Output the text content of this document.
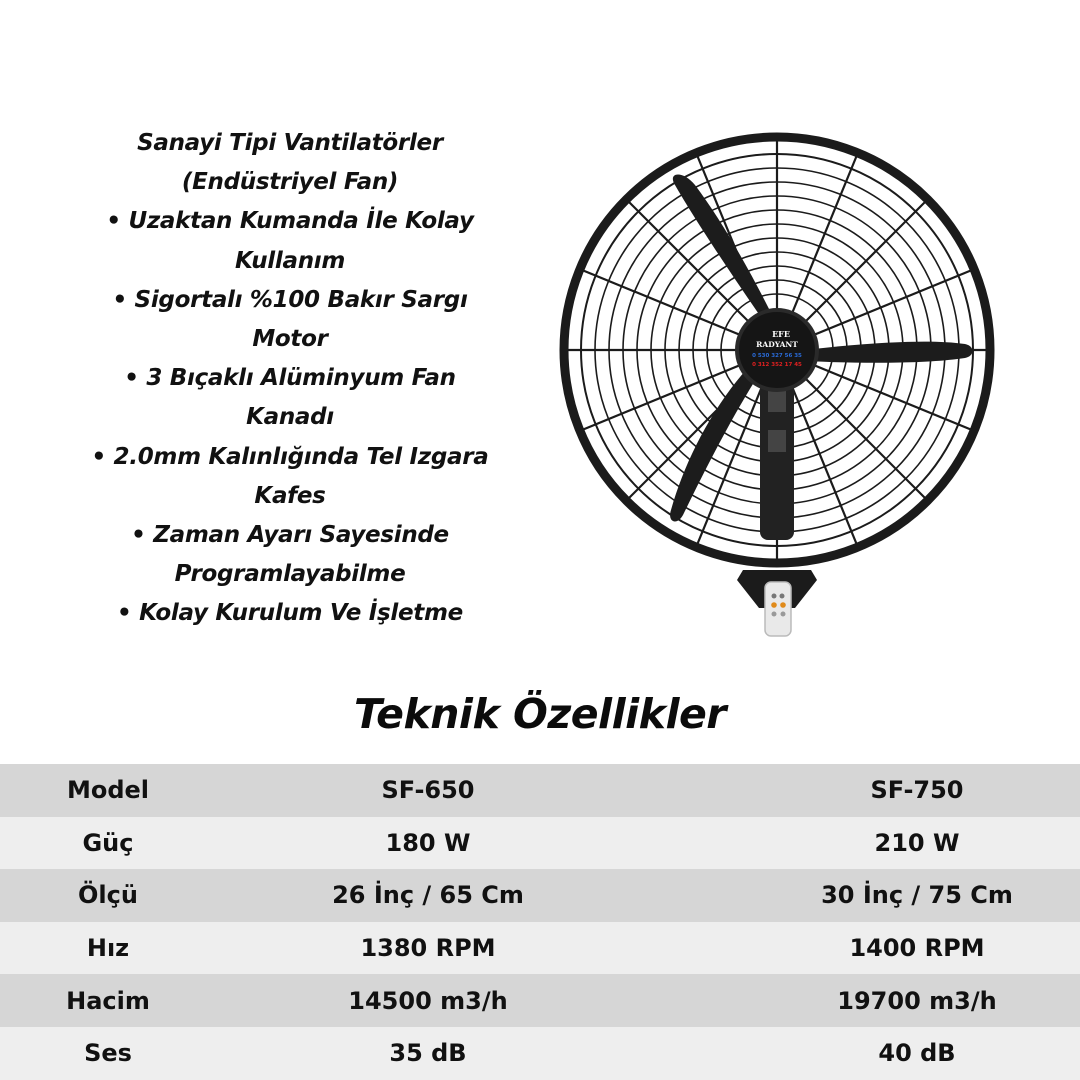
Sanayi Tipi Vantilatörler
(Endüstriyel Fan)
• Uzaktan Kumanda İle Kolay
Kullanım
• Sigortalı %100 Bakır Sargı
Motor
• 3 Bıçaklı Alüminyum Fan
Kanadı
• 2.0mm Kalınlığında Tel Izgara
Kafes
• Zaman Ayarı Sayesinde
Programlayabilme
• Kolay Kurulum Ve İşletme
EFE
RADYANT
0 530 327 56 35
0 312 352 17 45
Teknik Özellikler
Model	SF-650	SF-750
Güç	180 W	210 W
Ölçü	26 İnç / 65 Cm	30 İnç / 75 Cm
Hız	1380 RPM	1400 RPM
Hacim	14500 m3/h	19700 m3/h
Ses	35 dB	40 dB
